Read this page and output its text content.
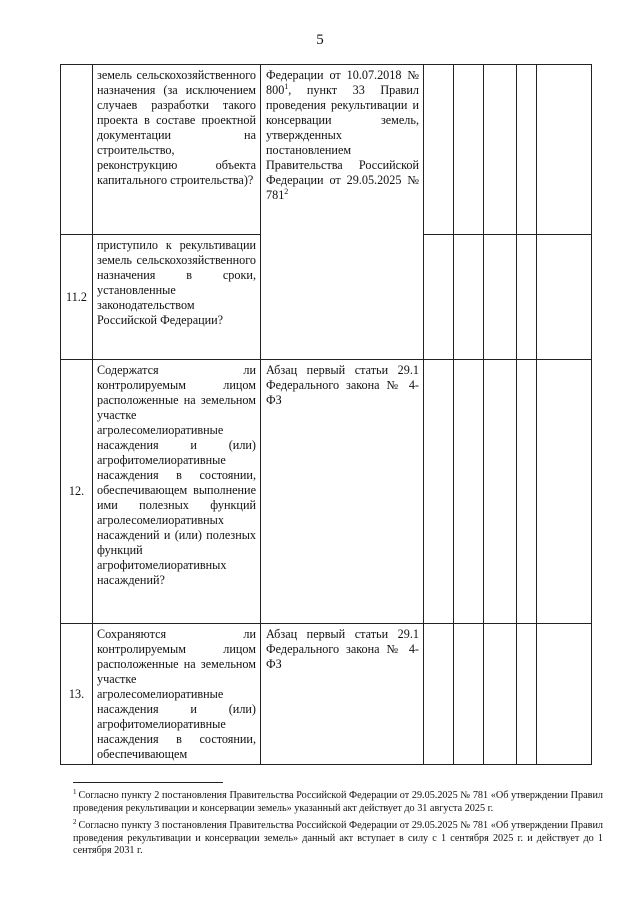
5
	земель сельскохозяйственного назначения (за исключением случаев разработки такого проекта в составе проектной документации на строительство, реконструкцию объекта капитального строительства)?	Федерации от 10.07.2018 № $800^1$, пункт 33 Правил проведения рекультивации и консервации земель, утвержденных постановлением Правительства Российской Федерации от 29.05.2025 № $781^2$					
11.2	приступило к рекультивации земель сельскохозяйственного назначения в сроки, установленные законодательством Российской Федерации?						
12.	Содержатся ли контролируемым лицом расположенные на земельном участке агролесомелиоративные насаждения и (или) агрофитомелиоративные насаждения в состоянии, обеспечивающем выполнение ими полезных функций агролесомелиоративных насаждений и (или) полезных функций агрофитомелиоративных насаждений?	Абзац первый статьи 29.1 Федерального закона № 4-ФЗ					
13.	Сохраняются ли контролируемым лицом расположенные на земельном участке агролесомелиоративные насаждения и (или) агрофитомелиоративные насаждения в состоянии, обеспечивающем	Абзац первый статьи 29.1 Федерального закона № 4-ФЗ					

$^1$ Согласно пункту 2 постановления Правительства Российской Федерации от 29.05.2025 № 781 «Об утверждении Правил проведения рекультивации и консервации земель» указанный акт действует до 31 августа 2025 г.

$^2$ Согласно пункту 3 постановления Правительства Российской Федерации от 29.05.2025 № 781 «Об утверждении Правил проведения рекультивации и консервации земель» данный акт вступает в силу с 1 сентября 2025 г. и действует до 1 сентября 2031 г.
